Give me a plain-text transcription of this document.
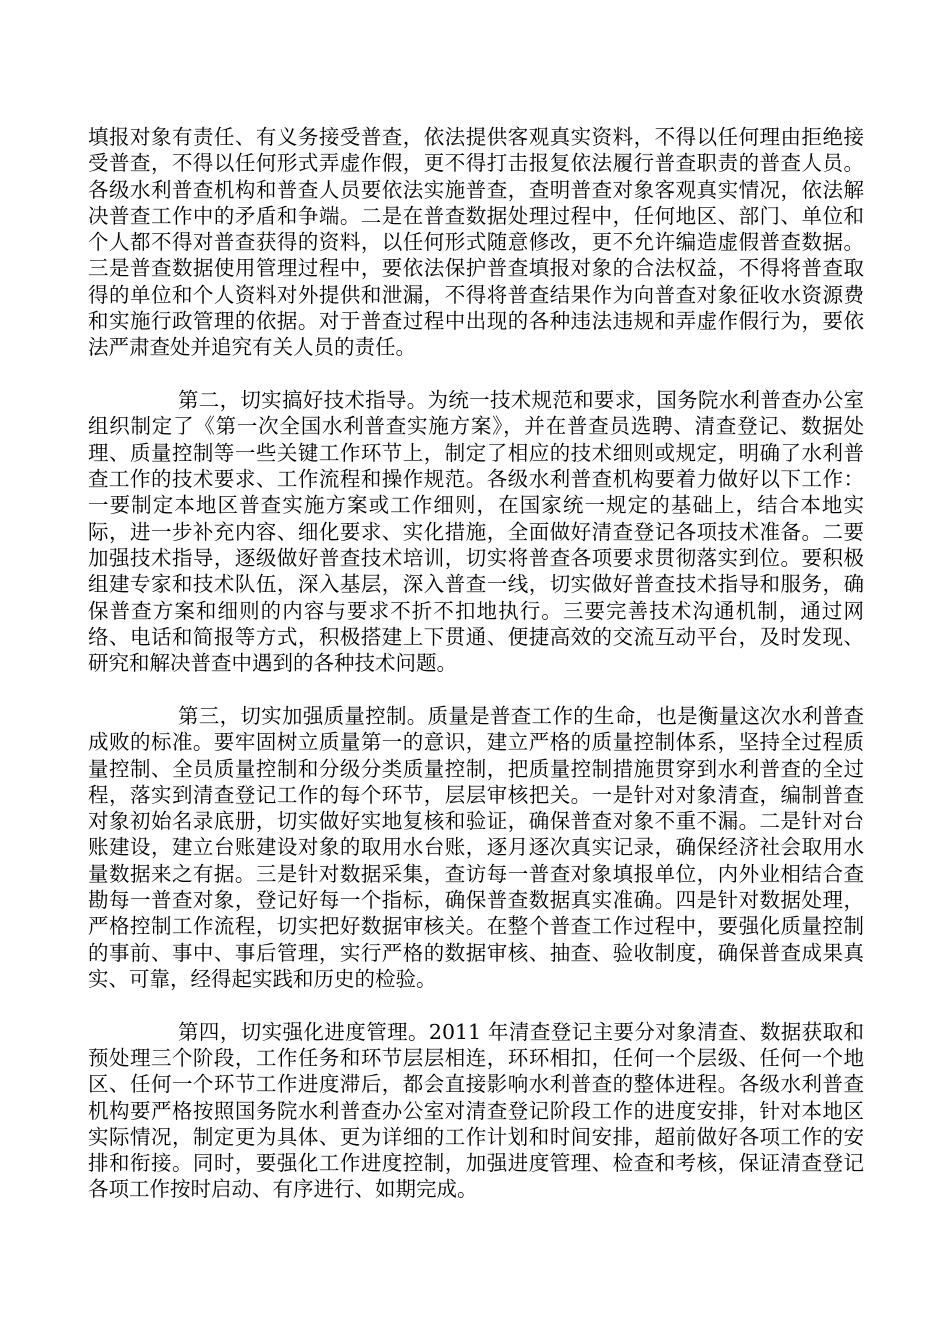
填报对象有责任、有义务接受普查，依法提供客观真实资料，不得以任何理由拒绝接受普查，不得以任何形式弄虚作假，更不得打击报复依法履行普查职责的普查人员。各级水利普查机构和普查人员要依法实施普查，查明普查对象客观真实情况，依法解决普查工作中的矛盾和争端。二是在普查数据处理过程中，任何地区、部门、单位和个人都不得对普查获得的资料，以任何形式随意修改，更不允许编造虚假普查数据。三是普查数据使用管理过程中，要依法保护普查填报对象的合法权益，不得将普查取得的单位和个人资料对外提供和泄漏，不得将普查结果作为向普查对象征收水资源费和实施行政管理的依据。对于普查过程中出现的各种违法违规和弄虚作假行为，要依法严肃查处并追究有关人员的责任。

第二，切实搞好技术指导。为统一技术规范和要求，国务院水利普查办公室组织制定了《第一次全国水利普查实施方案》，并在普查员选聘、清查登记、数据处理、质量控制等一些关键工作环节上，制定了相应的技术细则或规定，明确了水利普查工作的技术要求、工作流程和操作规范。各级水利普查机构要着力做好以下工作：一要制定本地区普查实施方案或工作细则，在国家统一规定的基础上，结合本地实际，进一步补充内容、细化要求、实化措施，全面做好清查登记各项技术准备。二要加强技术指导，逐级做好普查技术培训，切实将普查各项要求贯彻落实到位。要积极组建专家和技术队伍，深入基层，深入普查一线，切实做好普查技术指导和服务，确保普查方案和细则的内容与要求不折不扣地执行。三要完善技术沟通机制，通过网络、电话和简报等方式，积极搭建上下贯通、便捷高效的交流互动平台，及时发现、研究和解决普查中遇到的各种技术问题。

第三，切实加强质量控制。质量是普查工作的生命，也是衡量这次水利普查成败的标准。要牢固树立质量第一的意识，建立严格的质量控制体系，坚持全过程质量控制、全员质量控制和分级分类质量控制，把质量控制措施贯穿到水利普查的全过程，落实到清查登记工作的每个环节，层层审核把关。一是针对对象清查，编制普查对象初始名录底册，切实做好实地复核和验证，确保普查对象不重不漏。二是针对台账建设，建立台账建设对象的取用水台账，逐月逐次真实记录，确保经济社会取用水量数据来之有据。三是针对数据采集，查访每一普查对象填报单位，内外业相结合查勘每一普查对象，登记好每一个指标，确保普查数据真实准确。四是针对数据处理，严格控制工作流程，切实把好数据审核关。在整个普查工作过程中，要强化质量控制的事前、事中、事后管理，实行严格的数据审核、抽查、验收制度，确保普查成果真实、可靠，经得起实践和历史的检验。

第四，切实强化进度管理。2011 年清查登记主要分对象清查、数据获取和预处理三个阶段，工作任务和环节层层相连，环环相扣，任何一个层级、任何一个地区、任何一个环节工作进度滞后，都会直接影响水利普查的整体进程。各级水利普查机构要严格按照国务院水利普查办公室对清查登记阶段工作的进度安排，针对本地区实际情况，制定更为具体、更为详细的工作计划和时间安排，超前做好各项工作的安排和衔接。同时，要强化工作进度控制，加强进度管理、检查和考核，保证清查登记各项工作按时启动、有序进行、如期完成。
